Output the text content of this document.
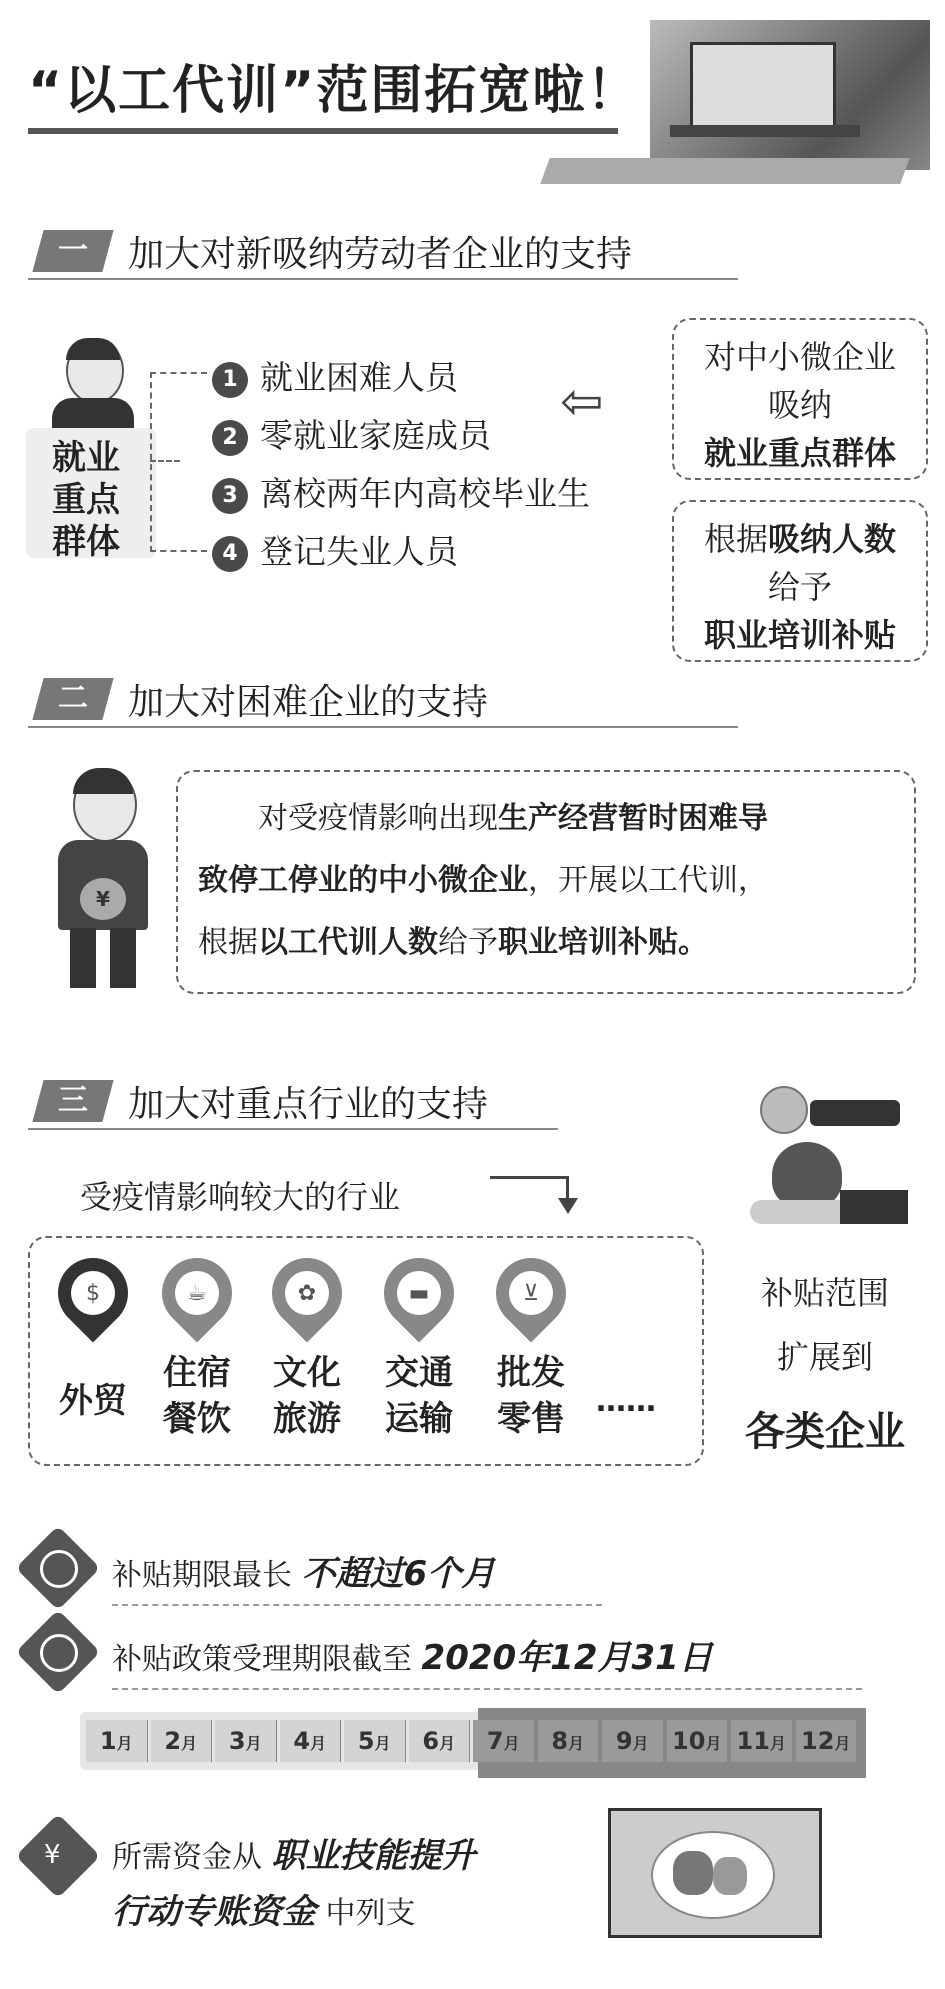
“以工代训”范围拓宽啦！
一	加大对新吸纳劳动者企业的支持
就业
重点
群体
1 就业困难人员
2 零就业家庭成员
3 离校两年内高校毕业生
4 登记失业人员
⇦
对中小微企业
吸纳
就业重点群体
根据吸纳人数
给予
职业培训补贴
二	加大对困难企业的支持
¥
对受疫情影响出现生产经营暂时困难导
致停工停业的中小微企业，开展以工代训，
根据以工代训人数给予职业培训补贴。
三	加大对重点行业的支持
受疫情影响较大的行业
$	☕	✿	▬	⊻
外贸
住宿
餐饮
文化
旅游
交通
运输
批发
零售	……
补贴范围
扩展到
各类企业
补贴期限最长 不超过6个月
补贴政策受理期限截至 2020年12月31日
1月	2月	3月	4月	5月	6月	7月	8月	9月 10月 11月 12月
¥ 所需资金从 职业技能提升
行动专账资金 中列支
